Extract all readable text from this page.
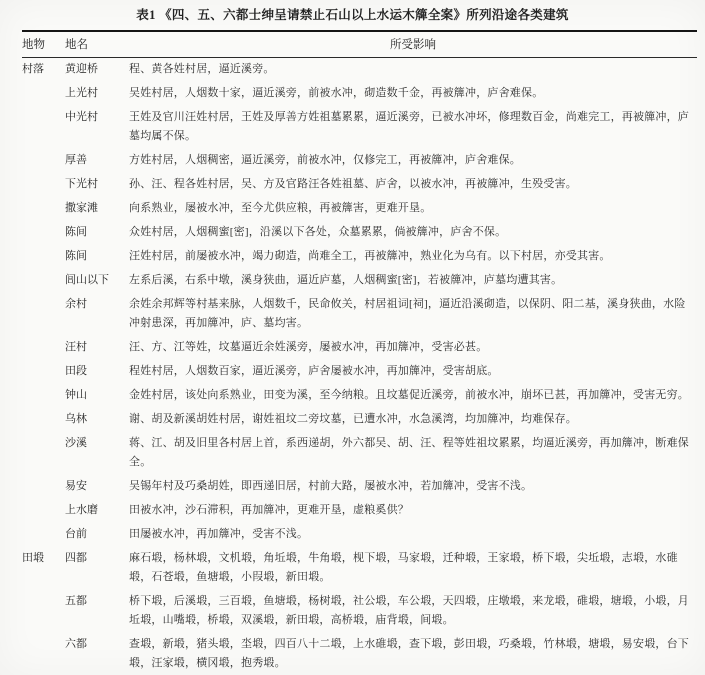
表1 《四、五、六都士绅呈请禁止石山以上水运木簰全案》所列沿途各类建筑
地物	地名	所受影响
村落	黄迎桥	程、黄各姓村居，逼近溪旁。
上光村	吴姓村居，人烟数十家，逼近溪旁，前被水冲，砌造数千金，再被簰冲，庐舍难保。
中光村	王姓及官川汪姓村居，王姓及厚善方姓祖墓累累，逼近溪旁，已被水冲坏，修理数百金，尚难完工，再被簰冲，庐墓均属不保。
厚善	方姓村居，人烟稠密，逼近溪旁，前被水冲，仅修完工，再被簰冲，庐舍难保。
下光村	孙、汪、程各姓村居，吴、方及官路汪各姓祖墓、庐舍，以被水冲，再被簰冲，生殁受害。
撒家滩	向系熟业，屡被水冲，至今尤供应粮，再被簰害，更难开垦。
陈间	众姓村居，人烟稠蜜[密]，沿溪以下各处，众墓累累，倘被簰冲，庐舍不保。
陈间	汪姓村居，前屡被水冲，竭力砌造，尚难全工，再被簰冲，熟业化为乌有。以下村居，亦受其害。
闾山以下	左系后溪，右系中墩，溪身狭曲，逼近庐墓，人烟稠蜜[密]，若被簰冲，庐墓均遭其害。
余村	余姓余邦辉等村基来脉，人烟数千，民命攸关，村居祖词[祠]，逼近沿溪砌造，以保阴、阳二基，溪身狭曲，水险冲射患深，再加簰冲，庐、墓均害。
汪村	汪、方、江等姓，坟墓逼近余姓溪旁，屡被水冲，再加簰冲，受害必甚。
田段	程姓村居，人烟数百家，逼近溪旁，庐舍屡被水冲，再加簰冲，受害胡底。
钟山	金姓村居，该处向系熟业，田变为溪，至今纳粮。且坟墓促近溪旁，前被水冲，崩坏已甚，再加簰冲，受害无穷。
乌林	谢、胡及新溪胡姓村居，谢姓祖坟二旁坟墓，已遭水冲，水急溪湾，均加簰冲，均难保存。
沙溪	蒋、江、胡及旧里各村居上首，系西递胡，外六都吴、胡、汪、程等姓祖坟累累，均逼近溪旁，再加簰冲，断难保全。
易安	吴锡年村及巧桑胡姓，即西递旧居，村前大路，屡被水冲，若加簰冲，受害不浅。
上水磨	田被水冲，沙石滞积，再加簰冲，更难开垦，虚粮奚供？
台前	田屡被水冲，再加簰冲，受害不浅。
田塅	四都	麻石塅，杨林塅，文机塅，角坵塅，牛角塅，枧下塅，马家塅，迁种塅，王家塅，桥下塅，尖坵塅，志塅，水碓塅，石苍塅，鱼塘塅，小叚塅，新田塅。
五都	桥下塅，后溪塅，三百塅，鱼塘塅，杨树塅，社公塅，车公塅，天四塅，庄墩塅，来龙塅，碓塅，塘塅，小塅，月坵塅，山嘴塅，桥塅，双溪塅，新田塅，高桥塅，庙背塅，间塅。
六都	查塅，新塅，猪头塅，坔塅，四百八十二塅，上水碓塅，查下塅，彭田塅，巧桑塅，竹林塅，塘塅，易安塅，台下塅，汪家塅，横冈塅，抱秀塅。
